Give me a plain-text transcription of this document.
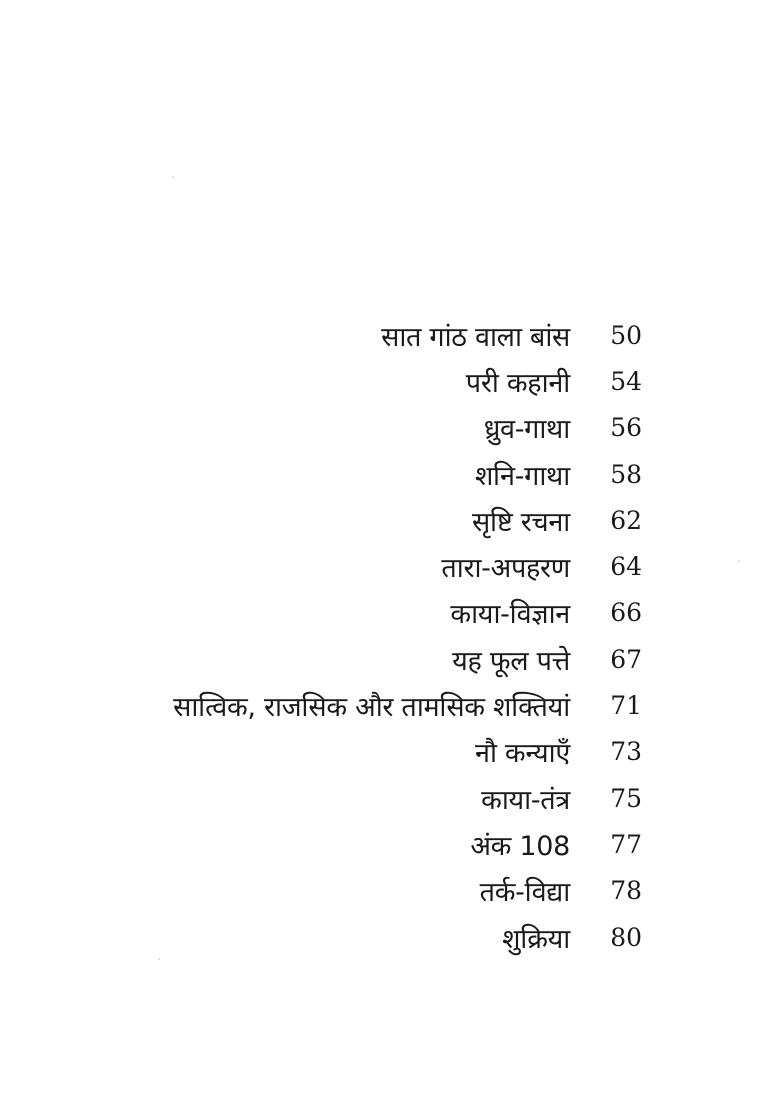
सात गांठ वाला बांस	50
परी कहानी	54
ध्रुव-गाथा	56
शनि-गाथा	58
सृष्टि रचना	62
तारा-अपहरण	64
काया-विज्ञान	66
यह फूल पत्ते	67
सात्विक, राजसिक और तामसिक शक्तियां	71
नौ कन्याएँ	73
काया-तंत्र	75
अंक 108	77
तर्क-विद्या	78
शुक्रिया	80
